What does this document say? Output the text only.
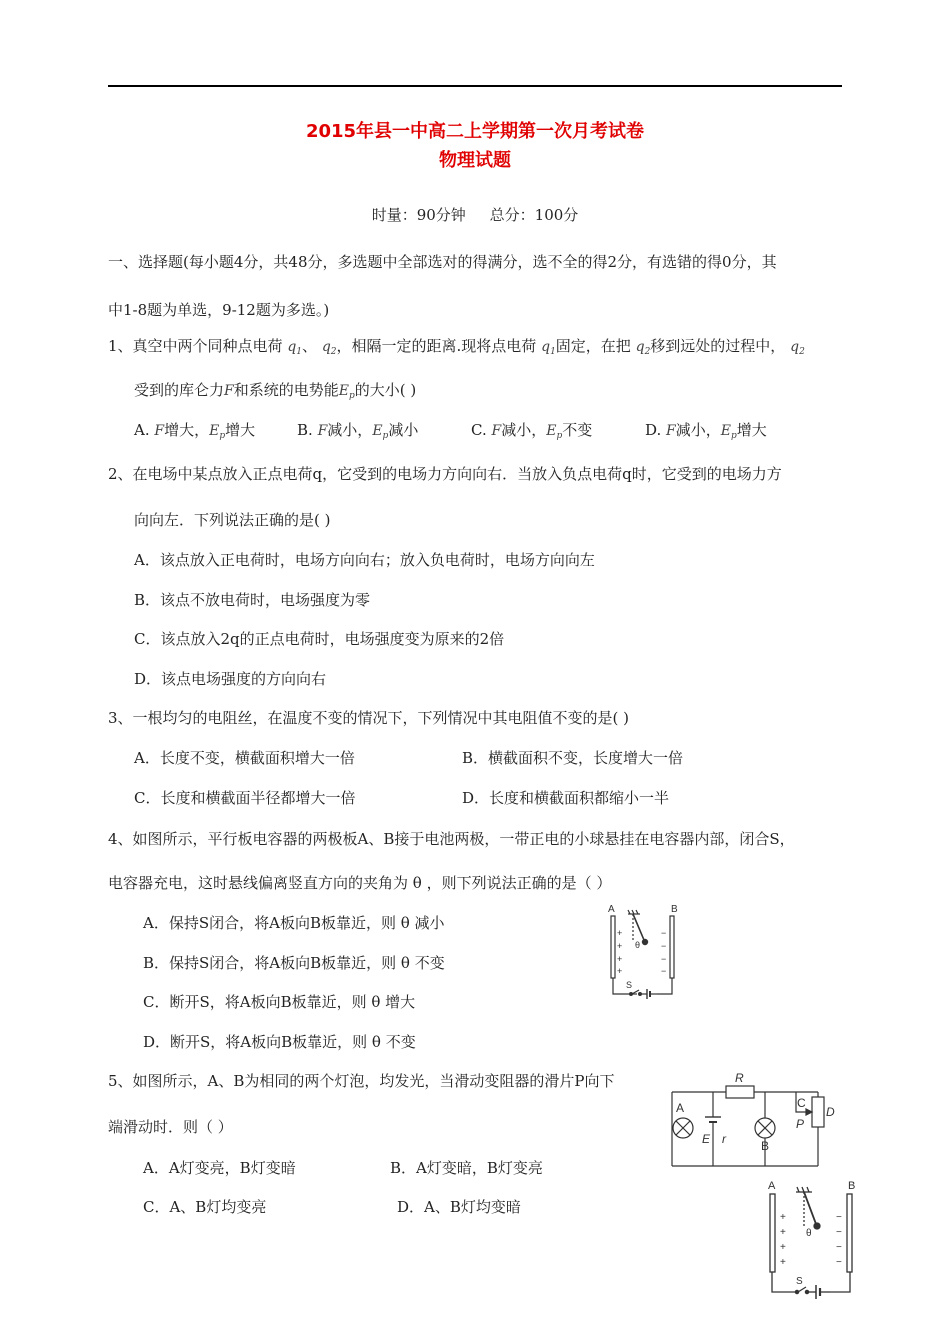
2015年县一中高二上学期第一次月考试卷
物理试题
时量：90分钟     总分：100分
一、选择题(每小题4分，共48分，多选题中全部选对的得满分，选不全的得2分，有选错的得0分，其
中1-8题为单选，9-12题为多选。)
1、真空中两个同种点电荷 $q_1$、 $q_2$，相隔一定的距离.现将点电荷 $q_1$固定，在把 $q_2$移到远处的过程中， $q_2$
受到的库仑力F和系统的电势能$E_p$的大小( )
A. F增大，$E_p$增大	B. F减小，$E_p$减小	C. F减小，$E_p$不变	D. F减小，$E_p$增大
2、在电场中某点放入正点电荷q，它受到的电场力方向向右．当放入负点电荷q时，它受到的电场力方
向向左．下列说法正确的是( )
A．该点放入正电荷时，电场方向向右；放入负电荷时，电场方向向左
B．该点不放电荷时，电场强度为零
C．该点放入2q的正点电荷时，电场强度变为原来的2倍
D．该点电场强度的方向向右
3、一根均匀的电阻丝，在温度不变的情况下，下列情况中其电阻值不变的是( )
A．长度不变，横截面积增大一倍	B．横截面积不变，长度增大一倍
C．长度和横截面半径都增大一倍	D．长度和横截面积都缩小一半
4、如图所示，平行板电容器的两极板A、B接于电池两极，一带正电的小球悬挂在电容器内部，闭合S，
电容器充电，这时悬线偏离竖直方向的夹角为 θ ，则下列说法正确的是（ ）
A．保持S闭合，将A板向B板靠近，则 θ 减小
B．保持S闭合，将A板向B板靠近，则 θ 不变
C．断开S，将A板向B板靠近，则 θ 增大
D．断开S，将A板向B板靠近，则 θ 不变
A	B
θ
S
+
+
+
+
−
−
−
−
5、如图所示，A、B为相同的两个灯泡，均发光，当滑动变阻器的滑片P向下
端滑动时．则（ ）
A．A灯变亮，B灯变暗	B．A灯变暗，B灯变亮
C．A、B灯均变亮	D．A、B灯均变暗
R
E r
C
D
P
A
B
A	B
θ
S
+
+
+
+
−
−
−
−
